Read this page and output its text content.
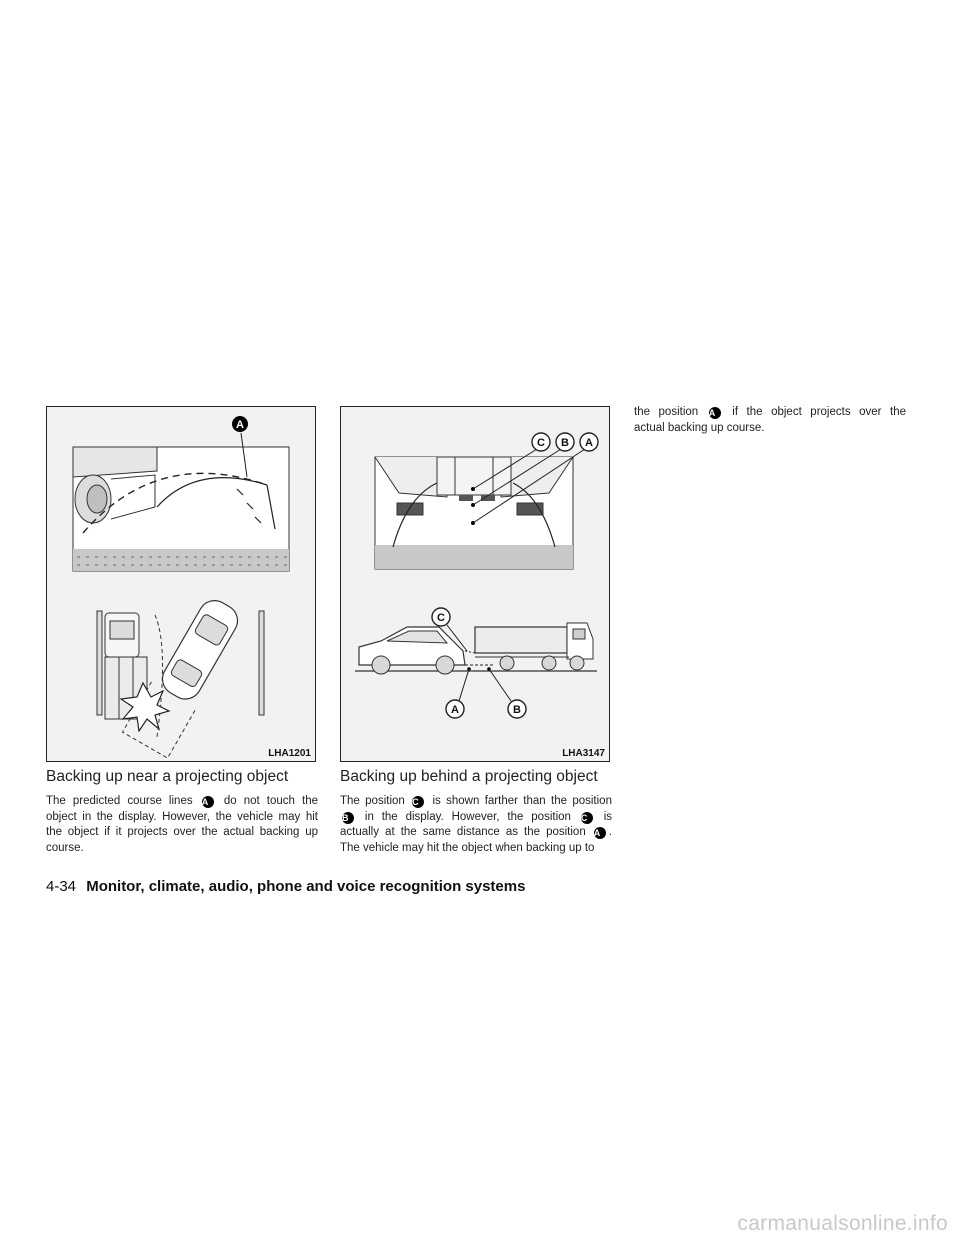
A
LHA1201
C B A
C
A	B
LHA3147
Backing up near a projecting object

The predicted course lines A do not touch the
object in the display. However, the vehicle may hit
the object if it projects over the actual backing up
course.

Backing up behind a projecting object

The position C is shown farther than the position
B in the display. However, the position C is
actually at the same distance as the position A .
The vehicle may hit the object when backing up to

the position A if the object projects over the
actual backing up course.

4-34 Monitor, climate, audio, phone and voice recognition systems
carmanualsonline.info
